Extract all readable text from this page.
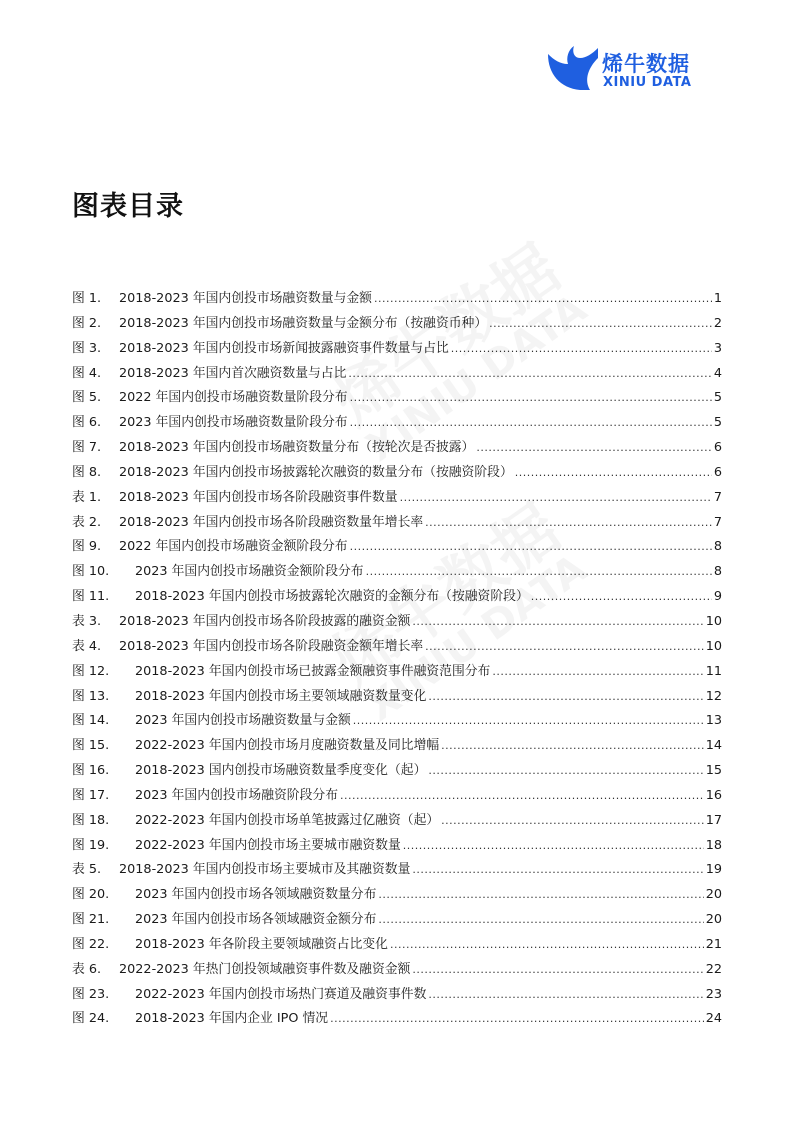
烯牛数据
XINIU DATA
图表目录
图 1.	2018-2023 年国内创投市场融资数量与金额 .....	1
图 2.	2018-2023 年国内创投市场融资数量与金额分布（按融资币种） .....	2
图 3.	2018-2023 年国内创投市场新闻披露融资事件数量与占比 .....	3
图 4.	2018-2023 年国内首次融资数量与占比 .....	4
图 5.	2022 年国内创投市场融资数量阶段分布 .....	5
图 6.	2023 年国内创投市场融资数量阶段分布 .....	5
图 7.	2018-2023 年国内创投市场融资数量分布（按轮次是否披露） .....	6
图 8.	2018-2023 年国内创投市场披露轮次融资的数量分布（按融资阶段） .....	6
表 1.	2018-2023 年国内创投市场各阶段融资事件数量 .....	7
表 2.	2018-2023 年国内创投市场各阶段融资数量年增长率 .....	7
图 9.	2022 年国内创投市场融资金额阶段分布 .....	8
图 10.	2023 年国内创投市场融资金额阶段分布 .....	8
图 11.	2018-2023 年国内创投市场披露轮次融资的金额分布（按融资阶段） .....	9
表 3.	2018-2023 年国内创投市场各阶段披露的融资金额 .....	10
表 4.	2018-2023 年国内创投市场各阶段融资金额年增长率 .....	10
图 12.	2018-2023 年国内创投市场已披露金额融资事件融资范围分布 .....	11
图 13.	2018-2023 年国内创投市场主要领域融资数量变化 .....	12
图 14.	2023 年国内创投市场融资数量与金额 .....	13
图 15.	2022-2023 年国内创投市场月度融资数量及同比增幅 .....	14
图 16.	2018-2023 国内创投市场融资数量季度变化（起） .....	15
图 17.	2023 年国内创投市场融资阶段分布 .....	16
图 18.	2022-2023 年国内创投市场单笔披露过亿融资（起） .....	17
图 19.	2022-2023 年国内创投市场主要城市融资数量 .....	18
表 5.	2018-2023 年国内创投市场主要城市及其融资数量 .....	19
图 20.	2023 年国内创投市场各领域融资数量分布 .....	20
图 21.	2023 年国内创投市场各领域融资金额分布 .....	20
图 22.	2018-2023 年各阶段主要领域融资占比变化 .....	21
表 6.	2022-2023 年热门创投领域融资事件数及融资金额 .....	22
图 23.	2022-2023 年国内创投市场热门赛道及融资事件数 .....	23
图 24.	2018-2023 年国内企业 IPO 情况 .....	24
